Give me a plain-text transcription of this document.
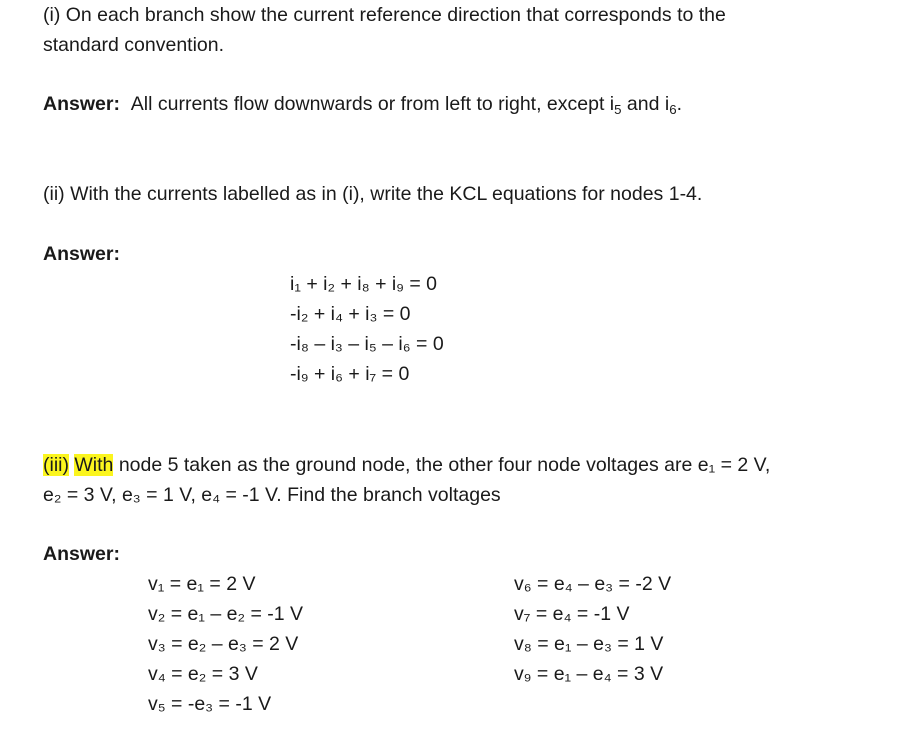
(i) On each branch show the current reference direction that corresponds to the
standard convention.
Answer: All currents flow downwards or from left to right, except $i_5$ and $i_6$.
(ii) With the currents labelled as in (i), write the KCL equations for nodes 1-4.
Answer:
i₁ + i₂ + i₈ + i₉ = 0
-i₂ + i₄ + i₃ = 0
-i₈ – i₃ – i₅ – i₆ = 0
-i₉ + i₆ + i₇ = 0
(iii) With node 5 taken as the ground node, the other four node voltages are e₁ = 2 V,
e₂ = 3 V, e₃ = 1 V, e₄ = -1 V. Find the branch voltages
Answer:
v₁ = e₁ = 2 V
v₂ = e₁ – e₂ = -1 V
v₃ = e₂ – e₃ = 2 V
v₄ = e₂ = 3 V
v₅ = -e₃ = -1 V
v₆ = e₄ – e₃ = -2 V
v₇ = e₄ = -1 V
v₈ = e₁ – e₃ = 1 V
v₉ = e₁ – e₄ = 3 V
